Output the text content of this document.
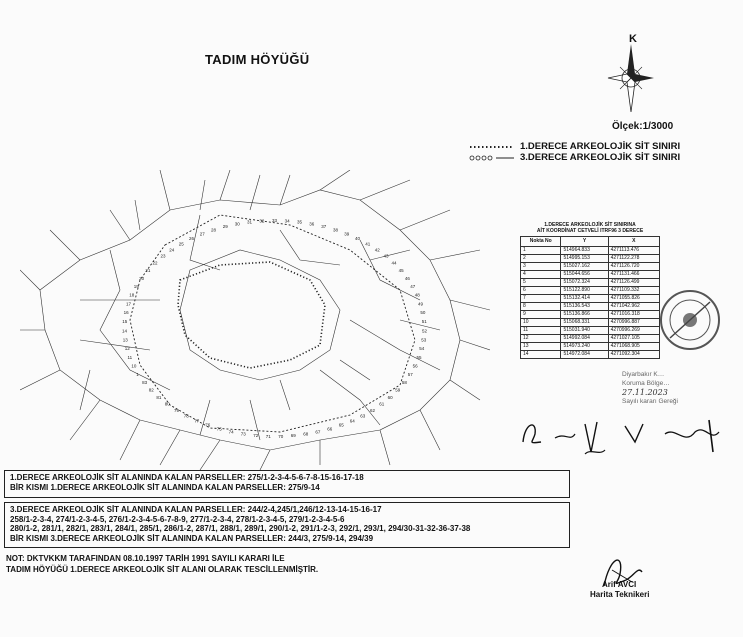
TADIM HÖYÜĞÜ
K
Ölçek:1/3000
1.DERECE ARKEOLOJİK SİT SINIRI
3.DERECE ARKEOLOJİK SİT SINIRI
33 34 35 36
37
38
39
40
41
42
43
44
45
46
47
48
49
50
51
52
53
54
55
56
57
58
59
60
61
62
63
64
65
66
67
68
69
70
71
72
73
74
75
76
77
78
79
80
81
82
83
1
10
11
12
13
14
15
16
17
18
19
20
21
22
23
24
25
26
27
28
29
30 31 32
1.DERECE ARKEOLOJİK SİT SINIRINA
AİT KOORDİNAT CETVELİ ITRF96 3 DERECE
Nokta No	Y	X
1	514964.833	4271113.476
2	514995.153	4271122.278
3	515027.162	4271126.720
4	515044.656	4271131.466
5	515072.324	4271126.499
6	515122.890	4271109.332
7	515132.414	4271055.826
8	515136.543	4271042.962
9	515136.866	4271016.318
10	515068.331	4270996.887
11	515031.940	4270996.269
12	514992.084	4271027.105
13	514973.240	4271068.905
14	514972.084	4271092.304
Diyarbakır K…
Koruma Bölge…
27.11.2023
Sayılı kararı Gereği

1.DERECE ARKEOLOJİK SİT ALANINDA KALAN PARSELLER: 275/1-2-3-4-5-6-7-8-15-16-17-18

BİR KISMI 1.DERECE ARKEOLOJİK SİT ALANINDA KALAN PARSELLER: 275/9-14

3.DERECE ARKEOLOJİK SİT ALANINDA KALAN PARSELLER: 244/2-4,245/1,246/12-13-14-15-16-17

258/1-2-3-4, 274/1-2-3-4-5, 276/1-2-3-4-5-6-7-8-9, 277/1-2-3-4, 278/1-2-3-4-5, 279/1-2-3-4-5-6

280/1-2, 281/1, 282/1, 283/1, 284/1, 285/1, 286/1-2, 287/1, 288/1, 289/1, 290/1-2, 291/1-2-3, 292/1, 293/1, 294/30-31-32-36-37-38

BİR KISMI 3.DERECE ARKEOLOJİK SİT ALANINDA KALAN PARSELLER: 244/3, 275/9-14, 294/39

NOT: DKTVKKM TARAFINDAN 08.10.1997 TARİH 1991 SAYILI KARARI İLE

TADIM HÖYÜĞÜ 1.DERECE ARKEOLOJİK SİT ALANI OLARAK TESCİLLENMİŞTİR.

Arif AVCI
Harita Teknikeri
